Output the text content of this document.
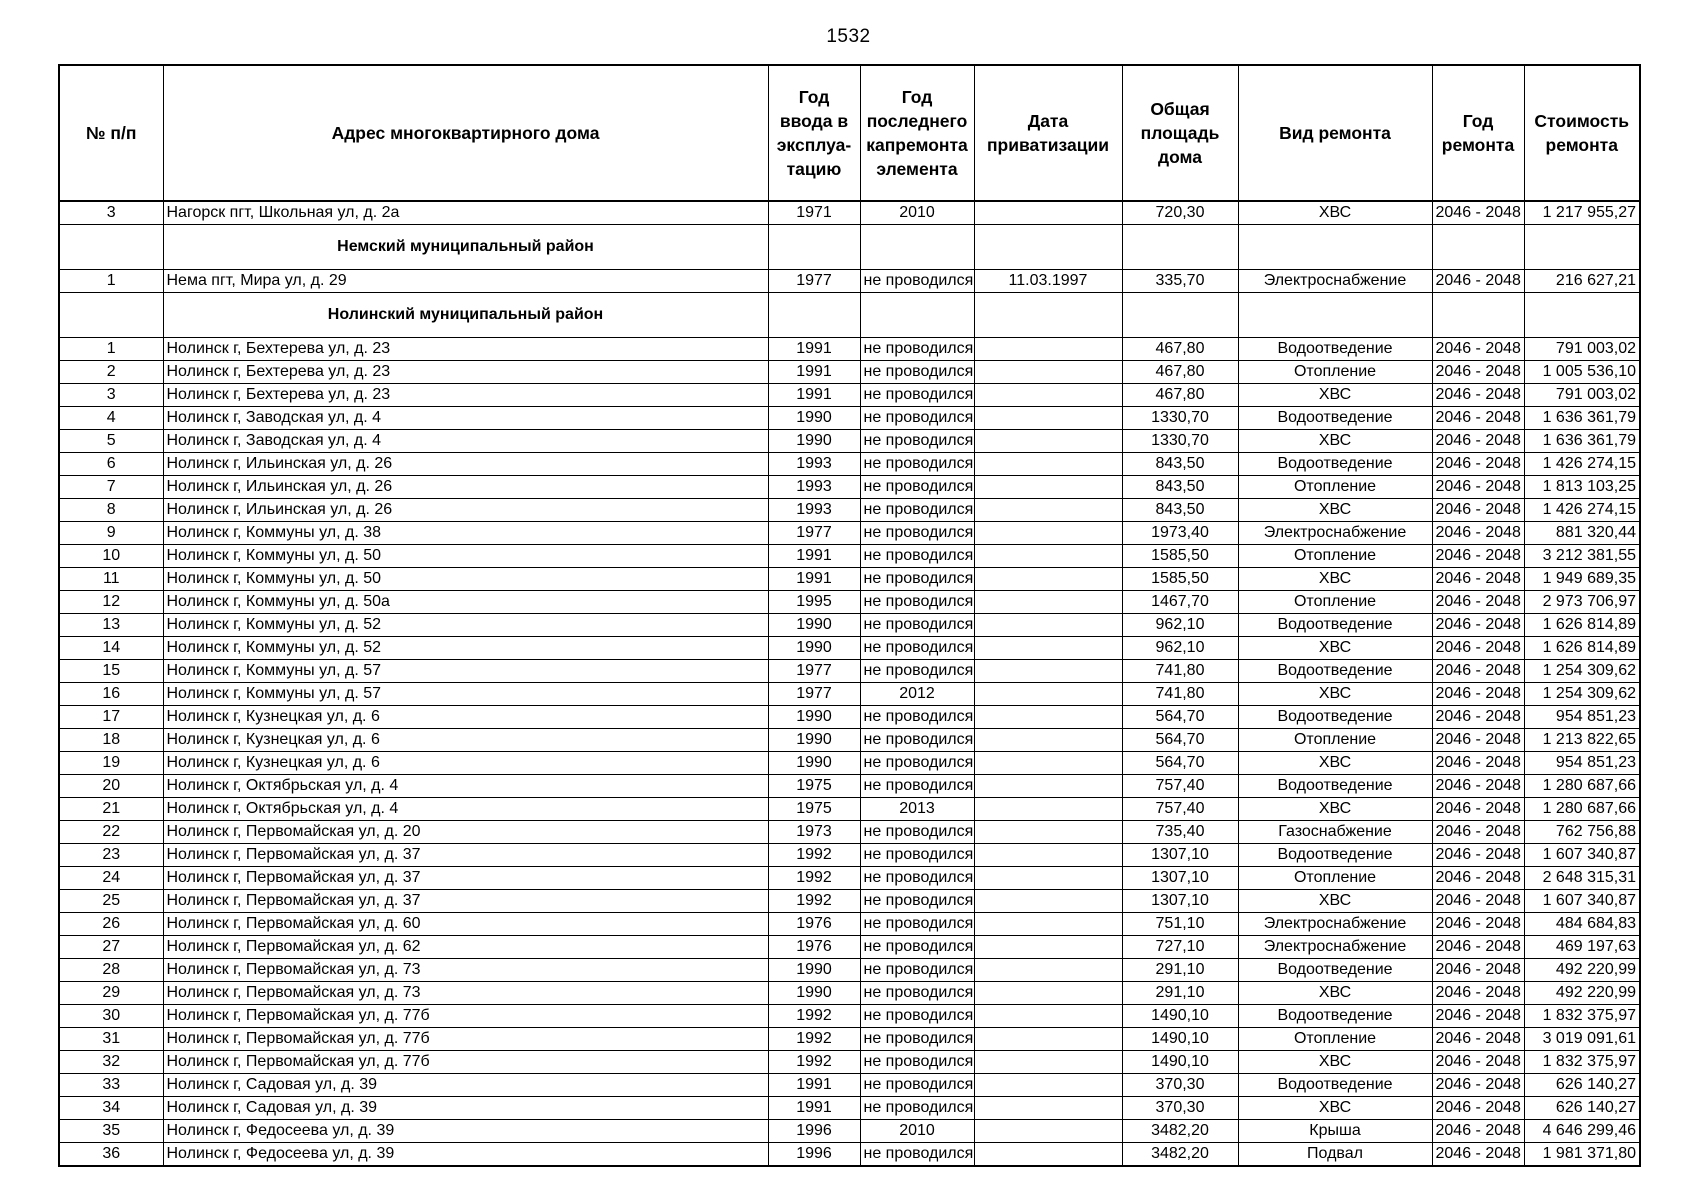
1532
№ п/п	Адрес многоквартирного дома	Год ввода в эксплуа-тацию	Год последнего капремонта элемента	Дата приватизации	Общая площадь дома	Вид ремонта	Год ремонта	Стоимость ремонта
3	Нагорск пгт, Школьная ул, д. 2а	1971	2010		720,30	ХВС	2046 - 2048	1 217 955,27
	Немский муниципальный район							
1	Нема пгт, Мира ул, д. 29	1977	не проводился	11.03.1997	335,70	Электроснабжение	2046 - 2048	216 627,21
	Нолинский муниципальный район							
1	Нолинск г, Бехтерева ул, д. 23	1991	не проводился		467,80	Водоотведение	2046 - 2048	791 003,02
2	Нолинск г, Бехтерева ул, д. 23	1991	не проводился		467,80	Отопление	2046 - 2048	1 005 536,10
3	Нолинск г, Бехтерева ул, д. 23	1991	не проводился		467,80	ХВС	2046 - 2048	791 003,02
4	Нолинск г, Заводская ул, д. 4	1990	не проводился		1330,70	Водоотведение	2046 - 2048	1 636 361,79
5	Нолинск г, Заводская ул, д. 4	1990	не проводился		1330,70	ХВС	2046 - 2048	1 636 361,79
6	Нолинск г, Ильинская ул, д. 26	1993	не проводился		843,50	Водоотведение	2046 - 2048	1 426 274,15
7	Нолинск г, Ильинская ул, д. 26	1993	не проводился		843,50	Отопление	2046 - 2048	1 813 103,25
8	Нолинск г, Ильинская ул, д. 26	1993	не проводился		843,50	ХВС	2046 - 2048	1 426 274,15
9	Нолинск г, Коммуны ул, д. 38	1977	не проводился		1973,40	Электроснабжение	2046 - 2048	881 320,44
10	Нолинск г, Коммуны ул, д. 50	1991	не проводился		1585,50	Отопление	2046 - 2048	3 212 381,55
11	Нолинск г, Коммуны ул, д. 50	1991	не проводился		1585,50	ХВС	2046 - 2048	1 949 689,35
12	Нолинск г, Коммуны ул, д. 50а	1995	не проводился		1467,70	Отопление	2046 - 2048	2 973 706,97
13	Нолинск г, Коммуны ул, д. 52	1990	не проводился		962,10	Водоотведение	2046 - 2048	1 626 814,89
14	Нолинск г, Коммуны ул, д. 52	1990	не проводился		962,10	ХВС	2046 - 2048	1 626 814,89
15	Нолинск г, Коммуны ул, д. 57	1977	не проводился		741,80	Водоотведение	2046 - 2048	1 254 309,62
16	Нолинск г, Коммуны ул, д. 57	1977	2012		741,80	ХВС	2046 - 2048	1 254 309,62
17	Нолинск г, Кузнецкая ул, д. 6	1990	не проводился		564,70	Водоотведение	2046 - 2048	954 851,23
18	Нолинск г, Кузнецкая ул, д. 6	1990	не проводился		564,70	Отопление	2046 - 2048	1 213 822,65
19	Нолинск г, Кузнецкая ул, д. 6	1990	не проводился		564,70	ХВС	2046 - 2048	954 851,23
20	Нолинск г, Октябрьская ул, д. 4	1975	не проводился		757,40	Водоотведение	2046 - 2048	1 280 687,66
21	Нолинск г, Октябрьская ул, д. 4	1975	2013		757,40	ХВС	2046 - 2048	1 280 687,66
22	Нолинск г, Первомайская ул, д. 20	1973	не проводился		735,40	Газоснабжение	2046 - 2048	762 756,88
23	Нолинск г, Первомайская ул, д. 37	1992	не проводился		1307,10	Водоотведение	2046 - 2048	1 607 340,87
24	Нолинск г, Первомайская ул, д. 37	1992	не проводился		1307,10	Отопление	2046 - 2048	2 648 315,31
25	Нолинск г, Первомайская ул, д. 37	1992	не проводился		1307,10	ХВС	2046 - 2048	1 607 340,87
26	Нолинск г, Первомайская ул, д. 60	1976	не проводился		751,10	Электроснабжение	2046 - 2048	484 684,83
27	Нолинск г, Первомайская ул, д. 62	1976	не проводился		727,10	Электроснабжение	2046 - 2048	469 197,63
28	Нолинск г, Первомайская ул, д. 73	1990	не проводился		291,10	Водоотведение	2046 - 2048	492 220,99
29	Нолинск г, Первомайская ул, д. 73	1990	не проводился		291,10	ХВС	2046 - 2048	492 220,99
30	Нолинск г, Первомайская ул, д. 77б	1992	не проводился		1490,10	Водоотведение	2046 - 2048	1 832 375,97
31	Нолинск г, Первомайская ул, д. 77б	1992	не проводился		1490,10	Отопление	2046 - 2048	3 019 091,61
32	Нолинск г, Первомайская ул, д. 77б	1992	не проводился		1490,10	ХВС	2046 - 2048	1 832 375,97
33	Нолинск г, Садовая ул, д. 39	1991	не проводился		370,30	Водоотведение	2046 - 2048	626 140,27
34	Нолинск г, Садовая ул, д. 39	1991	не проводился		370,30	ХВС	2046 - 2048	626 140,27
35	Нолинск г, Федосеева ул, д. 39	1996	2010		3482,20	Крыша	2046 - 2048	4 646 299,46
36	Нолинск г, Федосеева ул, д. 39	1996	не проводился		3482,20	Подвал	2046 - 2048	1 981 371,80
